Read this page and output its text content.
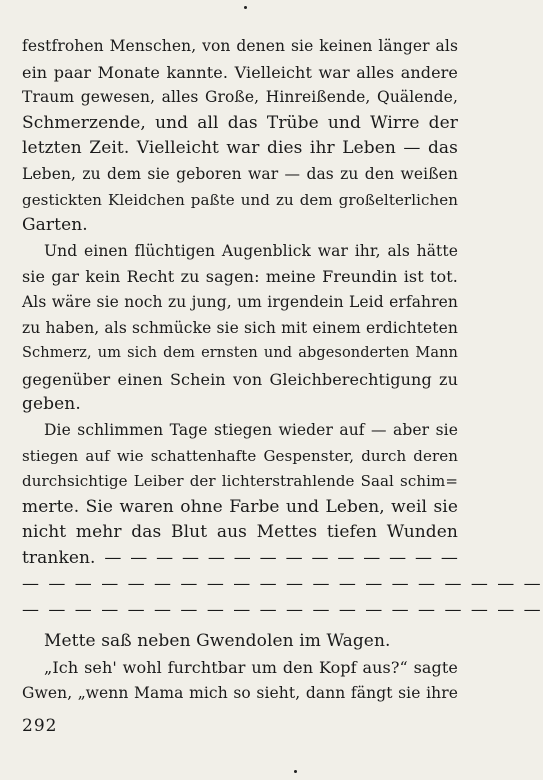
festfrohen Menschen, von denen sie keinen länger als
ein paar Monate kannte. Vielleicht war alles andere
Traum gewesen, alles Große, Hinreißende, Quälende,
Schmerzende, und all das Trübe und Wirre der
letzten Zeit. Vielleicht war dies ihr Leben — das
Leben, zu dem sie geboren war — das zu den weißen
gestickten Kleidchen paßte und zu dem großelterlichen
Garten.
Und einen flüchtigen Augenblick war ihr, als hätte
sie gar kein Recht zu sagen: meine Freundin ist tot.
Als wäre sie noch zu jung, um irgendein Leid erfahren
zu haben, als schmücke sie sich mit einem erdichteten
Schmerz, um sich dem ernsten und abgesonderten Mann
gegenüber einen Schein von Gleichberechtigung zu
geben.
Die schlimmen Tage stiegen wieder auf — aber sie
stiegen auf wie schattenhafte Gespenster, durch deren
durchsichtige Leiber der lichterstrahlende Saal schim=
merte. Sie waren ohne Farbe und Leben, weil sie
nicht mehr das Blut aus Mettes tiefen Wunden
tranken. — — — — — — — — — — — — — —
— — — — — — — — — — — — — — — — — — — —
— — — — — — — — — — — — — — — — — — — —
Mette saß neben Gwendolen im Wagen.
„Ich seh' wohl furchtbar um den Kopf aus?“ sagte
Gwen, „wenn Mama mich so sieht, dann fängt sie ihre
292
